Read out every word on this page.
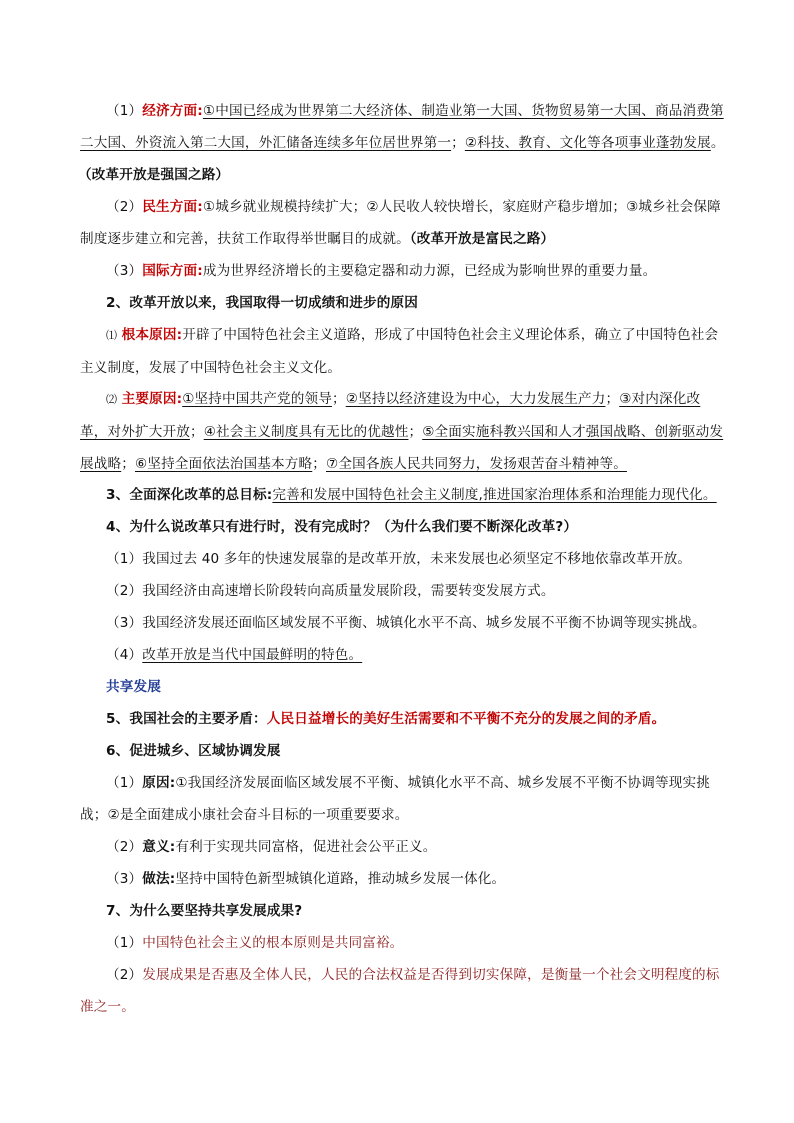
（1）经济方面:①中国已经成为世界第二大经济体、制造业第一大国、货物贸易第一大国、商品消费第二大国、外资流入第二大国，外汇储备连续多年位居世界第一；②科技、教育、文化等各项事业蓬勃发展。
（改革开放是强国之路）
（2）民生方面:①城乡就业规模持续扩大；②人民收人较快增长，家庭财产稳步增加；③城乡社会保障制度逐步建立和完善，扶贫工作取得举世瞩目的成就。（改革开放是富民之路）
（3）国际方面:成为世界经济增长的主要稳定器和动力源，已经成为影响世界的重要力量。
2、改革开放以来，我国取得一切成绩和进步的原因
⑴ 根本原因:开辟了中国特色社会主义道路，形成了中国特色社会主义理论体系，确立了中国特色社会主义制度，发展了中国特色社会主义文化。
⑵ 主要原因:①坚持中国共产党的领导；②坚持以经济建设为中心，大力发展生产力；③对内深化改革，对外扩大开放；④社会主义制度具有无比的优越性；⑤全面实施科教兴国和人才强国战略、创新驱动发展战略；⑥坚持全面依法治国基本方略；⑦全国各族人民共同努力，发扬艰苦奋斗精神等。
3、全面深化改革的总目标:完善和发展中国特色社会主义制度,推进国家治理体系和治理能力现代化。
4、为什么说改革只有进行时，没有完成时？（为什么我们要不断深化改革?）
（1）我国过去 40 多年的快速发展靠的是改革开放，未来发展也必须坚定不移地依靠改革开放。
（2）我国经济由高速增长阶段转向高质量发展阶段，需要转变发展方式。
（3）我国经济发展还面临区域发展不平衡、城镇化水平不高、城乡发展不平衡不协调等现实挑战。
（4）改革开放是当代中国最鲜明的特色。
共享发展
5、我国社会的主要矛盾：人民日益增长的美好生活需要和不平衡不充分的发展之间的矛盾。
6、促进城乡、区域协调发展
（1）原因:①我国经济发展面临区域发展不平衡、城镇化水平不高、城乡发展不平衡不协调等现实挑战；②是全面建成小康社会奋斗目标的一项重要要求。
（2）意义:有利于实现共同富格，促进社会公平正义。
（3）做法:坚持中国特色新型城镇化道路，推动城乡发展一体化。
7、为什么要坚持共享发展成果?
（1）中国特色社会主义的根本原则是共同富裕。
（2）发展成果是否惠及全体人民，人民的合法权益是否得到切实保障，是衡量一个社会文明程度的标准之一。
